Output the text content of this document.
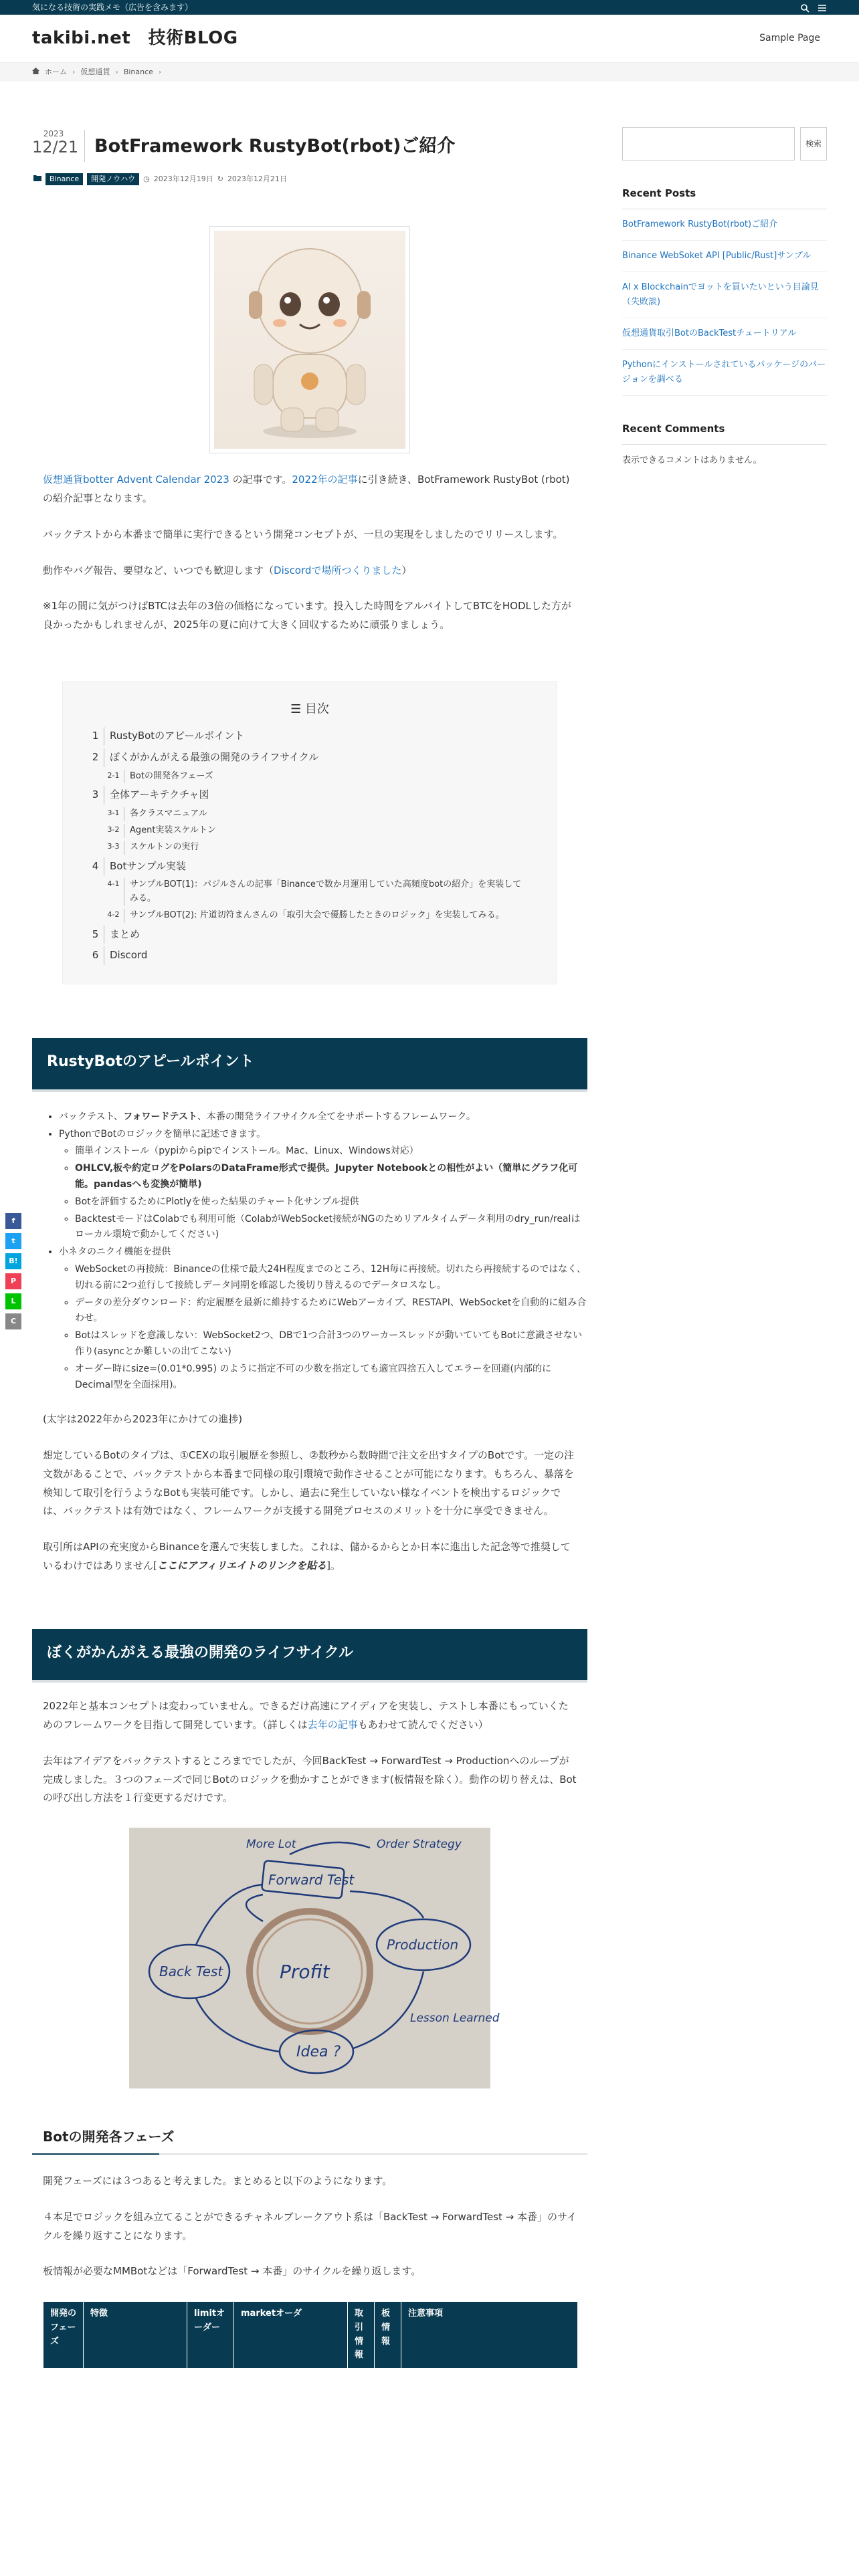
気になる技術の実践メモ（広告を含みます）
takibi.net　技術BLOG	Sample Page
ホーム › 仮想通貨 › Binance ›
2023
12/21 BotFramework RustyBot(rbot)ご紹介
Binance	開発ノウハウ	◷ 2023年12月19日 ↻ 2023年12月21日

仮想通貨botter Advent Calendar 2023 の記事です。2022年の記事に引き続き、BotFramework RustyBot (rbot) の紹介記事となります。

バックテストから本番まで簡単に実行できるという開発コンセプトが、一旦の実現をしましたのでリリースします。

動作やバグ報告、要望など、いつでも歓迎します（Discordで場所つくりました）

※1年の間に気がつけばBTCは去年の3倍の価格になっています。投入した時間をアルバイトしてBTCをHODLした方が良かったかもしれませんが、2025年の夏に向けて大きく回収するために頑張りましょう。

☰ 目次
1 RustyBotのアピールポイント
2 ぼくがかんがえる最強の開発のライフサイクル
2-1	Botの開発各フェーズ
3 全体アーキテクチャ図
3-1	各クラスマニュアル
3-2	Agent実装スケルトン
3-3	スケルトンの実行
4 Botサンプル実装
4-1	サンプルBOT(1)：パジルさんの記事「Binanceで数か月運用していた高頻度botの紹介」を実装してみる。
4-2	サンプルBOT(2): 片道切符まんさんの「取引大会で優勝したときのロジック」を実装してみる。
5 まとめ
6 Discord
RustyBotのアピールポイント
• バックテスト、フォワードテスト、本番の開発ライフサイクル全てをサポートするフレームワーク。
• PythonでBotのロジックを簡単に記述できます。
◦ 簡単インストール（pypiからpipでインストール。Mac、Linux、Windows対応）
◦ OHLCV,板や約定ログをPolarsのDataFrame形式で提供。Jupyter Notebookとの相性がよい（簡単にグラフ化可能。pandasへも変換が簡単)
◦ Botを評価するためにPlotlyを使った結果のチャート化サンプル提供
◦ BacktestモードはColabでも利用可能（ColabがWebSocket接続がNGのためリアルタイムデータ利用のdry_run/realはローカル環境で動かしてください)
• 小ネタのニクイ機能を提供
◦ WebSocketの再接続：Binanceの仕様で最大24H程度までのところ、12H毎に再接続。切れたら再接続するのではなく、切れる前に2つ並行して接続しデータ同期を確認した後切り替えるのでデータロスなし。
◦ データの差分ダウンロード：約定履歴を最新に維持するためにWebアーカイブ、RESTAPI、WebSocketを自動的に組み合わせ。
◦ Botはスレッドを意識しない：WebSocket2つ、DBで1つ合計3つのワーカースレッドが動いていてもBotに意識させない作り(asyncとか難しいの出てこない)
◦ オーダー時にsize=(0.01*0.995) のように指定不可の少数を指定しても適宜四捨五入してエラーを回避(内部的にDecimal型を全面採用)。

(太字は2022年から2023年にかけての進捗)

想定しているBotのタイプは、①CEXの取引履歴を参照し、②数秒から数時間で注文を出すタイプのBotです。一定の注文数があることで、バックテストから本番まで同様の取引環境で動作させることが可能になります。もちろん、暴落を検知して取引を行うようなBotも実装可能です。しかし、過去に発生していない様なイベントを検出するロジックでは、バックテストは有効ではなく、フレームワークが支援する開発プロセスのメリットを十分に享受できません。

取引所はAPIの充実度からBinanceを選んで実装しました。これは、儲かるからとか日本に進出した記念等で推奨しているわけではありません[ここにアフィリエイトのリンクを貼る]。

ぼくがかんがえる最強の開発のライフサイクル

2022年と基本コンセプトは変わっていません。できるだけ高速にアイディアを実装し、テストし本番にもっていくためのフレームワークを目指して開発しています。（詳しくは去年の記事もあわせて読んでください）

去年はアイデアをバックテストするところまででしたが、今回BackTest → ForwardTest → Productionへのループが完成しました。３つのフェーズで同じBotのロジックを動かすことができます(板情報を除く）。動作の切り替えは、Botの呼び出し方法を１行変更するだけです。

More Lot	Order Strategy
Forward Test
Back Test	Profit
Production
Lesson Learned
Idea ?
Botの開発各フェーズ

開発フェーズには３つあると考えました。まとめると以下のようになります。

４本足でロジックを組み立てることができるチャネルブレークアウト系は「BackTest → ForwardTest → 本番」のサイクルを繰り返すことになります。

板情報が必要なMMBotなどは「ForwardTest → 本番」のサイクルを繰り返します。

開発のフェーズ	特徴	limitオーダー	marketオーダ	取引情報	板情報	注意事項
f
t
B!
P
L
C
検索
Recent Posts
BotFramework RustyBot(rbot)ご紹介
Binance WebSoket API [Public/Rust]サンプル
AI x Blockchainでヨットを買いたいという目論見（失敗談)
仮想通貨取引BotのBackTestチュートリアル
Pythonにインストールされているパッケージのバージョンを調べる
Recent Comments
表示できるコメントはありません。
